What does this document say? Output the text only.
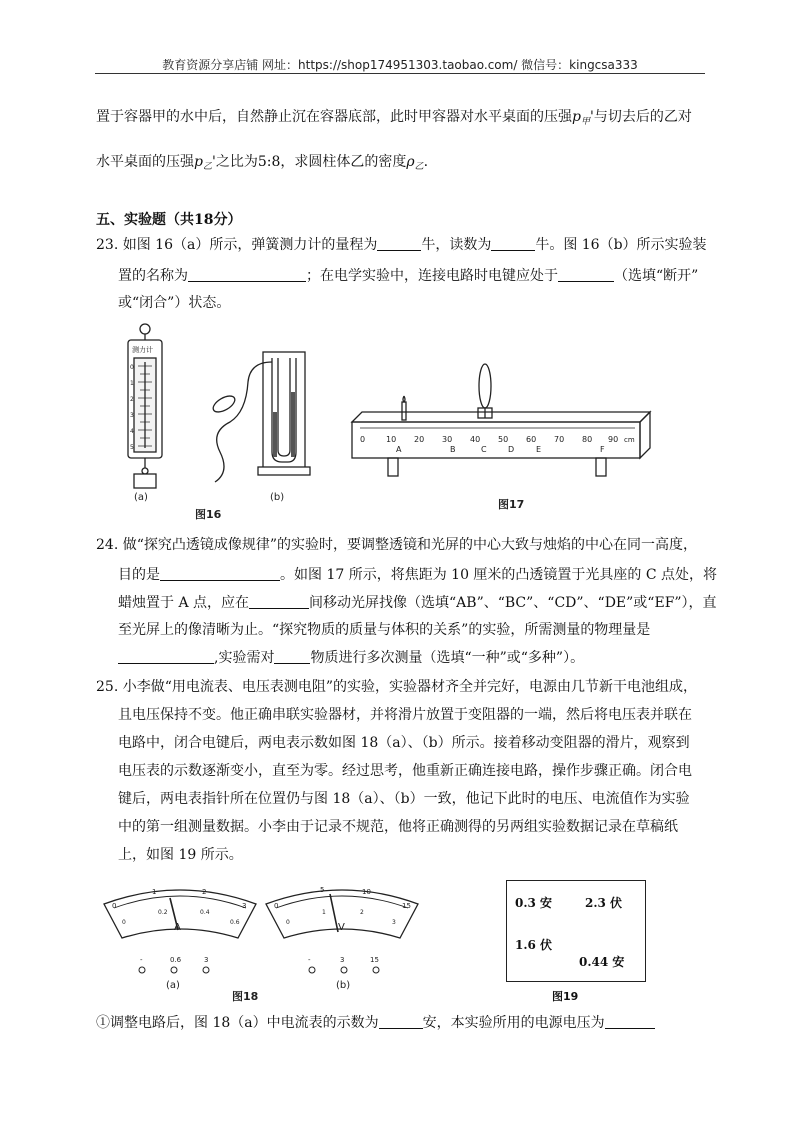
教育资源分享店铺 网址：https://shop174951303.taobao.com/ 微信号：kingcsa333
置于容器甲的水中后，自然静止沉在容器底部，此时甲容器对水平桌面的压强$p_甲'$与切去后的乙对
水平桌面的压强$p_乙'$之比为5:8，求圆柱体乙的密度$\rho_乙$.
五、实验题（共18分）
23. 如图 16（a）所示，弹簧测力计的量程为	牛，读数为	牛。图 16（b）所示实验装
置的名称为	；在电学实验中，连接电路时电键应处于	（选填“断开”
或“闭合”）状态。
测力计
0
1
2
3
4
5
(a)	(b)
图16
图17
0	10 20 30 40 50 60 70 80 90 cm
A	B	C	D	E	F
24. 做“探究凸透镜成像规律”的实验时，要调整透镜和光屏的中心大致与烛焰的中心在同一高度，
目的是	。如图 17 所示，将焦距为 10 厘米的凸透镜置于光具座的 C 点处，将
蜡烛置于 A 点，应在	间移动光屏找像（选填“AB”、“BC”、“CD”、“DE”或“EF”），直
至光屏上的像清晰为止。“探究物质的质量与体积的关系”的实验，所需测量的物理量是
,实验需对	物质进行多次测量（选填“一种”或“多种”）。
25. 小李做“用电流表、电压表测电阻”的实验，实验器材齐全并完好，电源由几节新干电池组成，
且电压保持不变。他正确串联实验器材，并将滑片放置于变阻器的一端，然后将电压表并联在
电路中，闭合电键后，两电表示数如图 18（a）、（b）所示。接着移动变阻器的滑片，观察到
电压表的示数逐渐变小，直至为零。经过思考，他重新正确连接电路，操作步骤正确。闭合电
键后，两电表指针所在位置仍与图 18（a）、（b）一致，他记下此时的电压、电流值作为实验
中的第一组测量数据。小李由于记录不规范，他将正确测得的另两组实验数据记录在草稿纸
上，如图 19 所示。
0
1	2
3
0
0.2	0.4
0.6
A
-	0.6	3
(a)
0
5	10
15
0
1	2
3
V
-	3	15
(b)
图18
0.3 安	2.3 伏
1.6 伏
0.44 安
图19
①调整电路后，图 18（a）中电流表的示数为	安，本实验所用的电源电压为
